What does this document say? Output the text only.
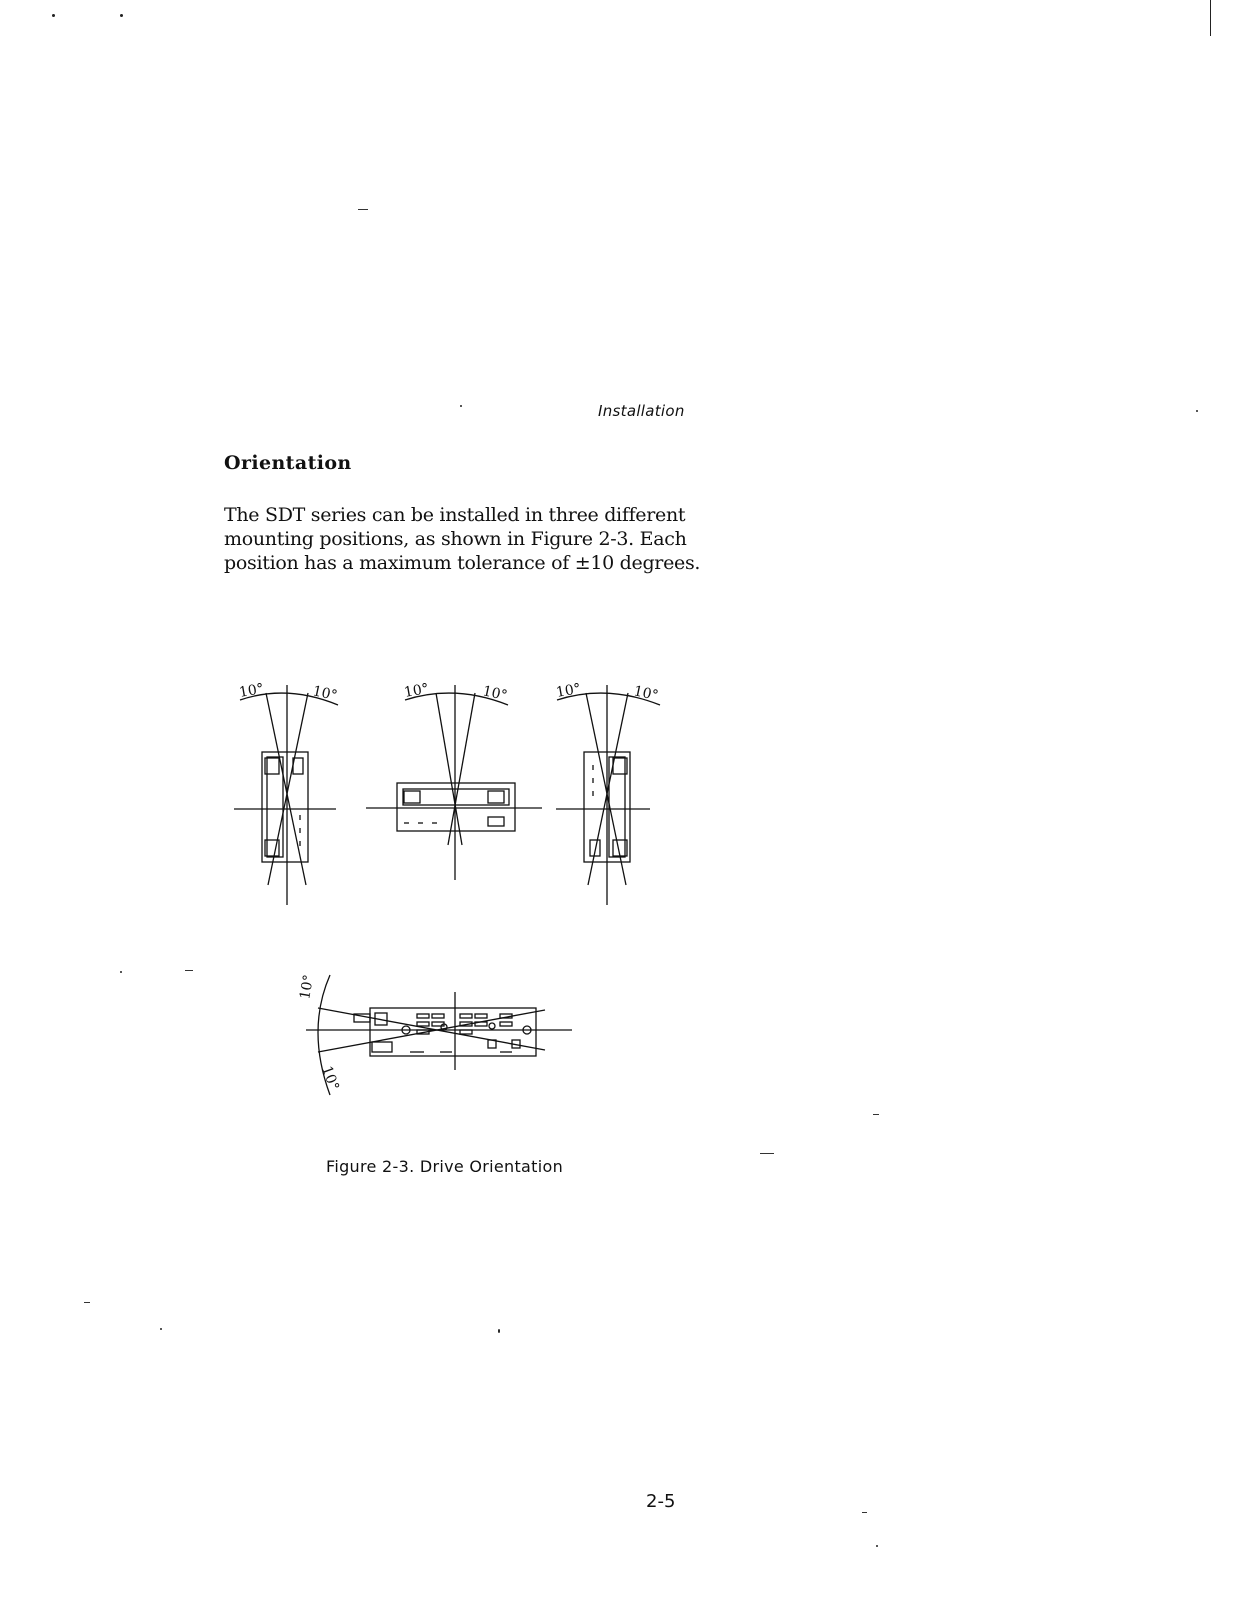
Installation
Orientation

The SDT series can be installed in three different mounting positions, as shown in Figure 2-3. Each position has a maximum tolerance of ±10 degrees.

10°	10°	10°	10°	10°	10°
10°
10°
Figure 2-3. Drive Orientation
2-5
